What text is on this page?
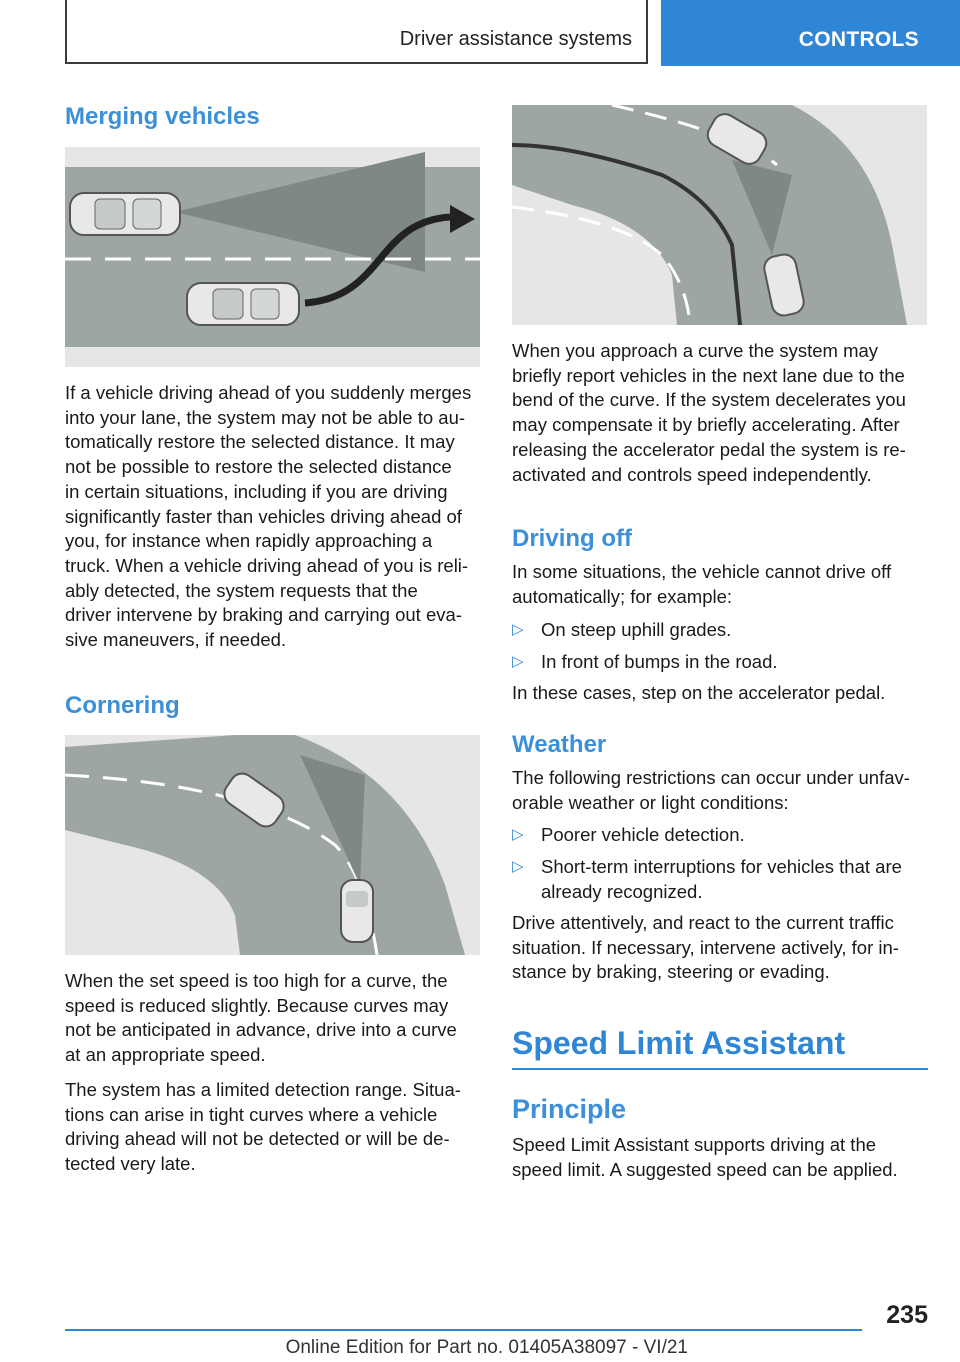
Driver assistance systems	CONTROLS
Merging vehicles
If a vehicle driving ahead of you suddenly merges
into your lane, the system may not be able to au‐
tomatically restore the selected distance. It may
not be possible to restore the selected distance
in certain situations, including if you are driving
significantly faster than vehicles driving ahead of
you, for instance when rapidly approaching a
truck. When a vehicle driving ahead of you is reli‐
ably detected, the system requests that the
driver intervene by braking and carrying out eva‐
sive maneuvers, if needed.
Cornering
When the set speed is too high for a curve, the
speed is reduced slightly. Because curves may
not be anticipated in advance, drive into a curve
at an appropriate speed.
The system has a limited detection range. Situa‐
tions can arise in tight curves where a vehicle
driving ahead will not be detected or will be de‐
tected very late.
When you approach a curve the system may
briefly report vehicles in the next lane due to the
bend of the curve. If the system decelerates you
may compensate it by briefly accelerating. After
releasing the accelerator pedal the system is re‐
activated and controls speed independently.
Driving off
In some situations, the vehicle cannot drive off
automatically; for example:
▷ On steep uphill grades.
▷ In front of bumps in the road.
In these cases, step on the accelerator pedal.
Weather
The following restrictions can occur under unfav‐
orable weather or light conditions:
▷ Poorer vehicle detection.
▷ Short-term interruptions for vehicles that are
already recognized.
Drive attentively, and react to the current traffic
situation. If necessary, intervene actively, for in‐
stance by braking, steering or evading.
Speed Limit Assistant
Principle
Speed Limit Assistant supports driving at the
speed limit. A suggested speed can be applied.
235
Online Edition for Part no. 01405A38097 - VI/21
